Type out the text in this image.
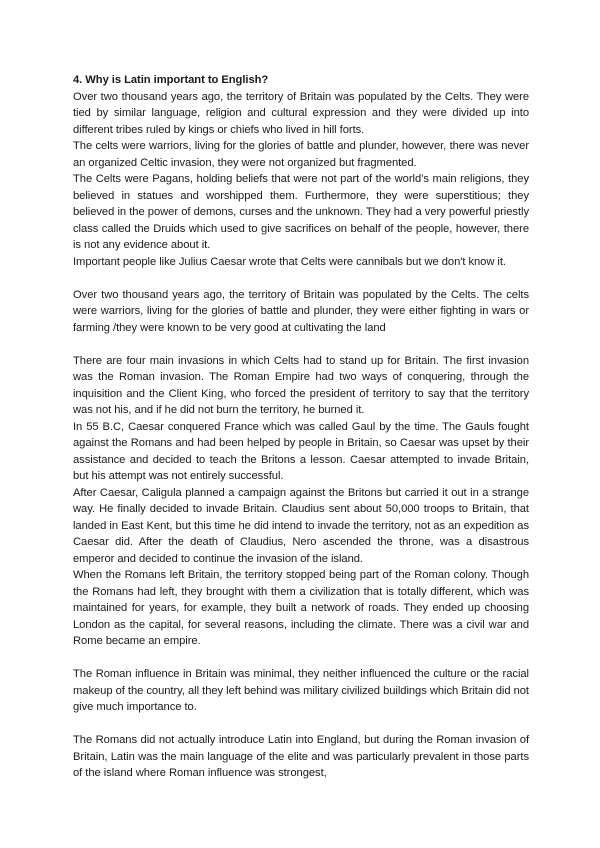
4. Why is Latin important to English?

Over two thousand years ago, the territory of Britain was populated by the Celts. They were tied by similar language, religion and cultural expression and they were divided up into different tribes ruled by kings or chiefs who lived in hill forts.

The celts were warriors, living for the glories of battle and plunder, however, there was never an organized Celtic invasion, they were not organized but fragmented.

The Celts were Pagans, holding beliefs that were not part of the world’s main religions, they believed in statues and worshipped them. Furthermore, they were superstitious; they believed in the power of demons, curses and the unknown. They had a very powerful priestly class called the Druids which used to give sacrifices on behalf of the people, however, there is not any evidence about it.

Important people like Julius Caesar wrote that Celts were cannibals but we don't know it.

Over two thousand years ago, the territory of Britain was populated by the Celts. The celts were warriors, living for the glories of battle and plunder, they were either fighting in wars or farming /they were known to be very good at cultivating the land

There are four main invasions in which Celts had to stand up for Britain. The first invasion was the Roman invasion. The Roman Empire had two ways of conquering, through the inquisition and the Client King, who forced the president of territory to say that the territory was not his, and if he did not burn the territory, he burned it.

In 55 B.C, Caesar conquered France which was called Gaul by the time. The Gauls fought against the Romans and had been helped by people in Britain, so Caesar was upset by their assistance and decided to teach the Britons a lesson. Caesar attempted to invade Britain, but his attempt was not entirely successful.

After Caesar, Caligula planned a campaign against the Britons but carried it out in a strange way. He finally decided to invade Britain. Claudius sent about 50,000 troops to Britain, that landed in East Kent, but this time he did intend to invade the territory, not as an expedition as Caesar did. After the death of Claudius, Nero ascended the throne, was a disastrous emperor and decided to continue the invasion of the island.

When the Romans left Britain, the territory stopped being part of the Roman colony. Though the Romans had left, they brought with them a civilization that is totally different, which was maintained for years, for example, they built a network of roads. They ended up choosing London as the capital, for several reasons, including the climate. There was a civil war and Rome became an empire.

The Roman influence in Britain was minimal, they neither influenced the culture or the racial makeup of the country, all they left behind was military civilized buildings which Britain did not give much importance to.

The Romans did not actually introduce Latin into England, but during the Roman invasion of Britain, Latin was the main language of the elite and was particularly prevalent in those parts of the island where Roman influence was strongest,
